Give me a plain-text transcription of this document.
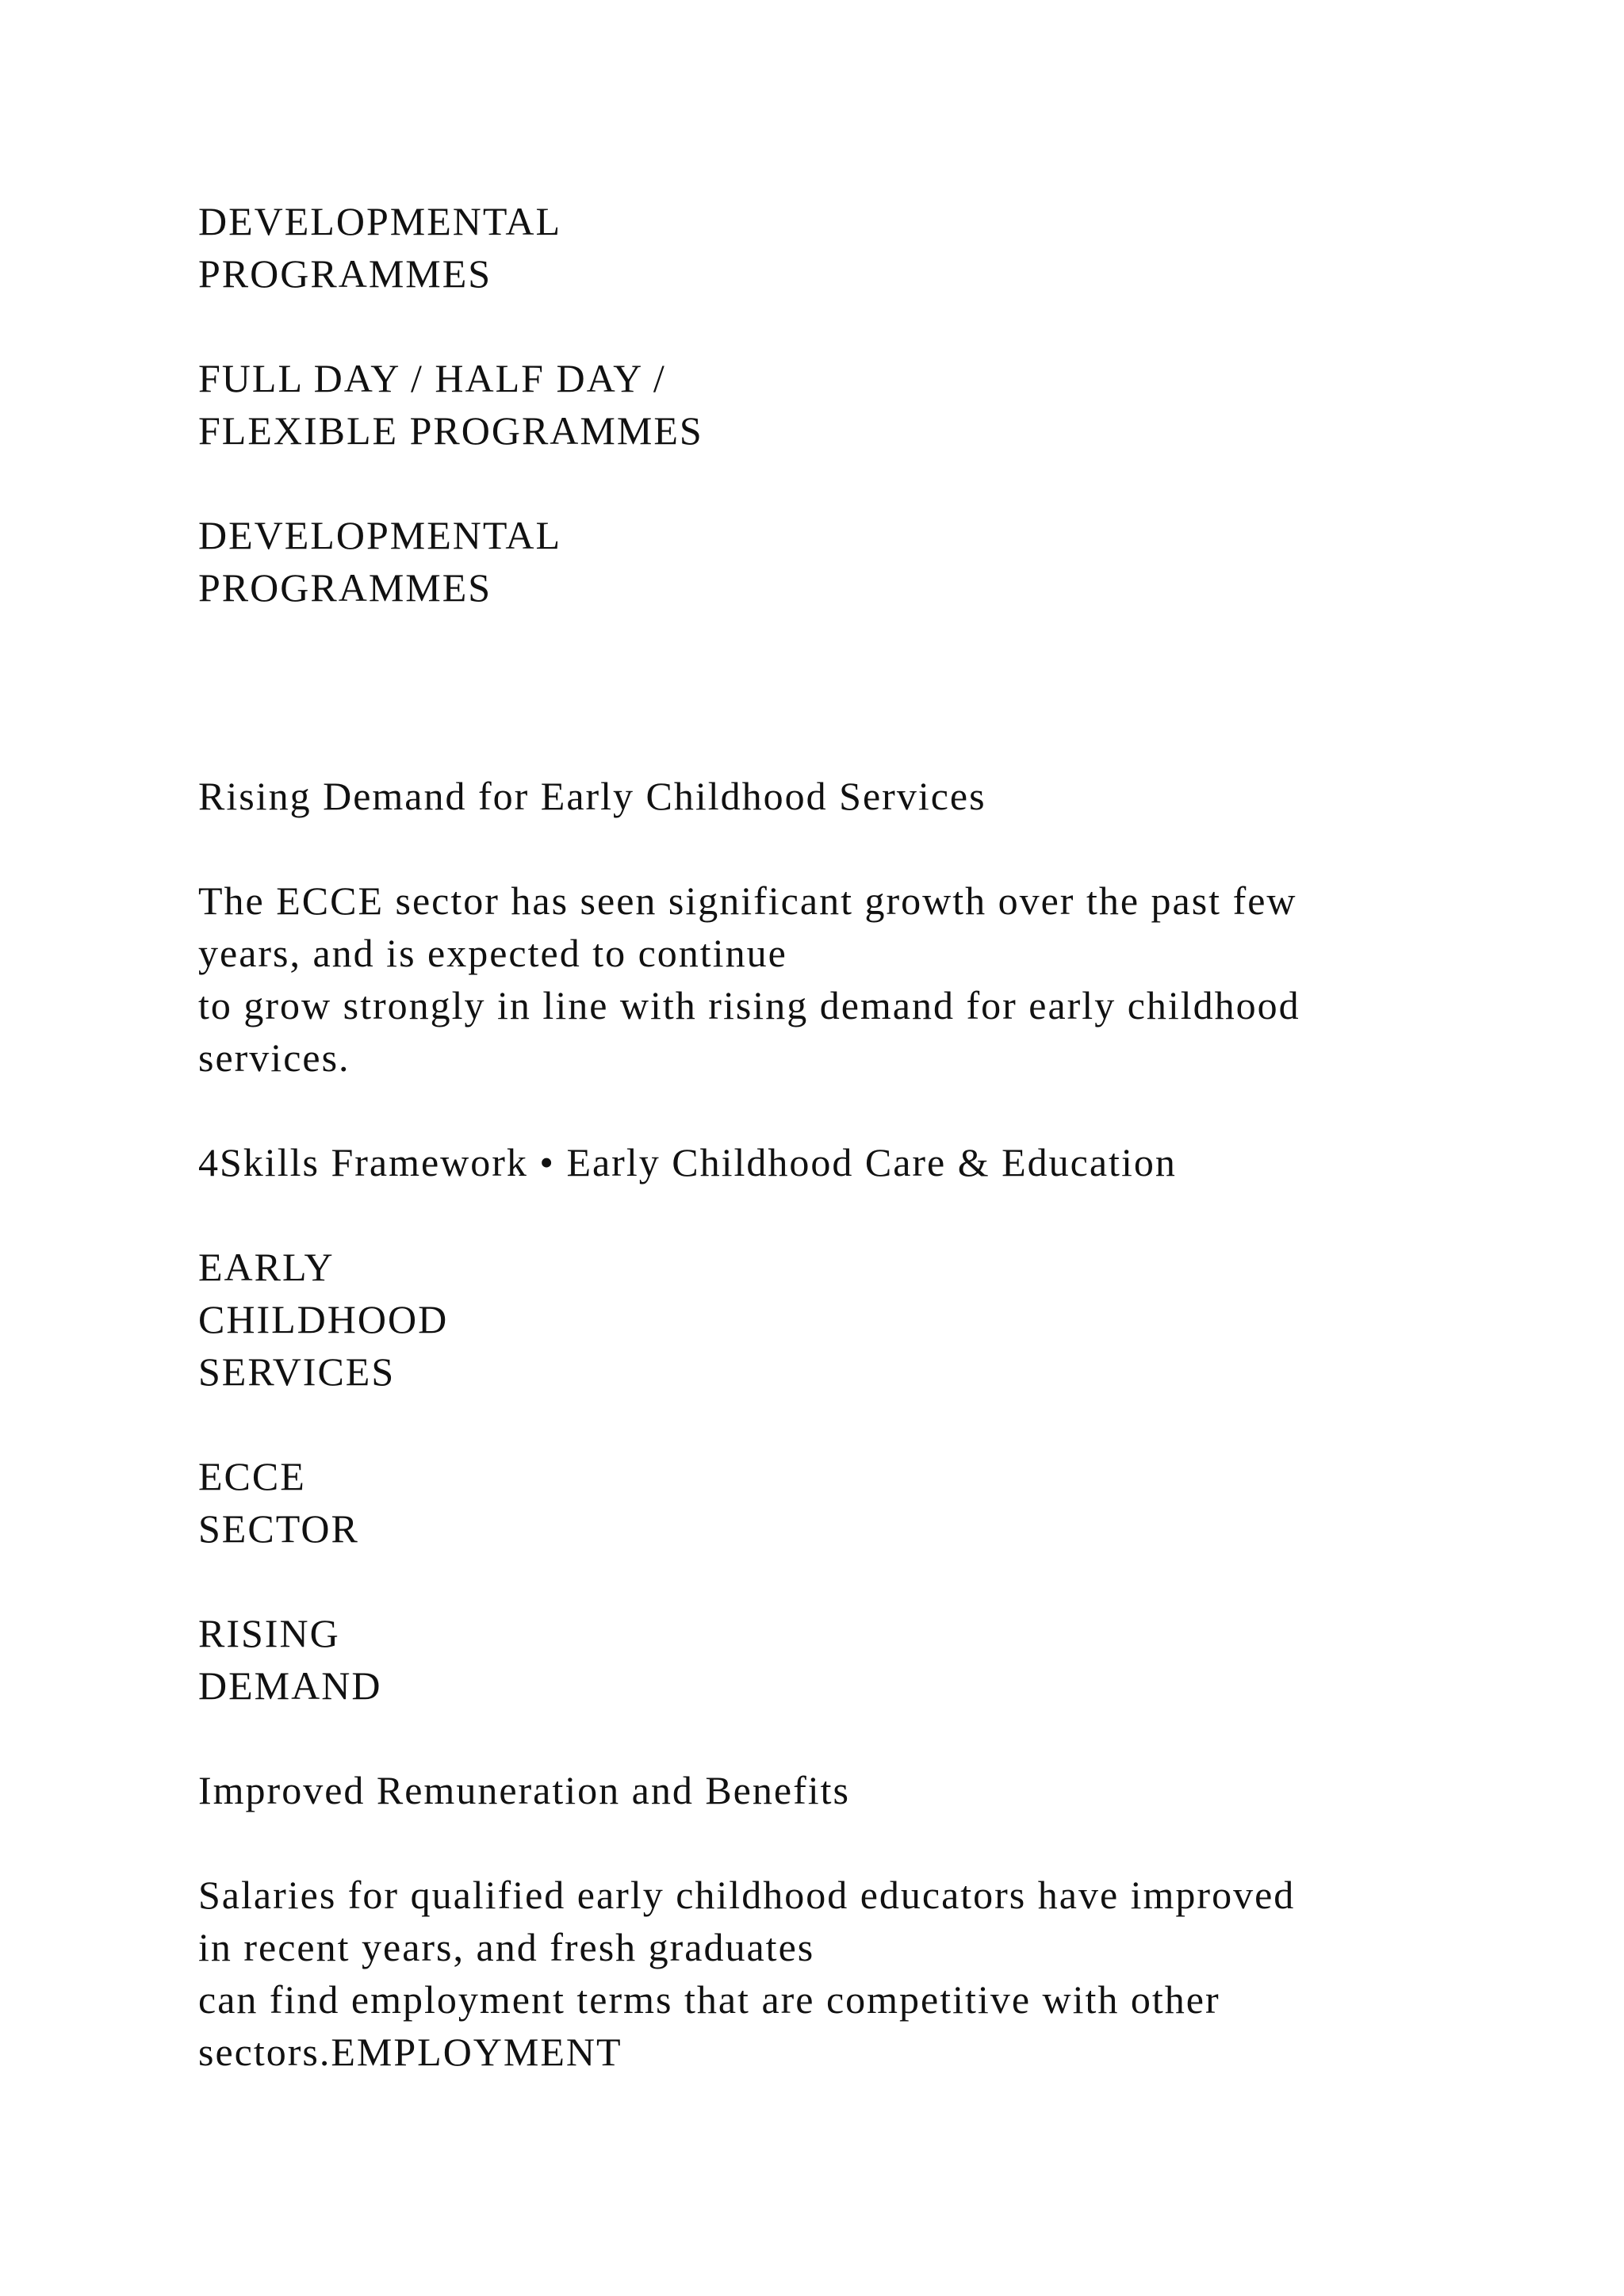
DEVELOPMENTAL
PROGRAMMES
FULL DAY / HALF DAY /
FLEXIBLE PROGRAMMES
DEVELOPMENTAL
PROGRAMMES
Rising Demand for Early Childhood Services
The ECCE sector has seen significant growth over the past few
years, and is expected to continue
to grow strongly in line with rising demand for early childhood
services.
4Skills Framework • Early Childhood Care & Education
EARLY
CHILDHOOD
SERVICES
ECCE
SECTOR
RISING
DEMAND
Improved Remuneration and Benefits
Salaries for qualified early childhood educators have improved
in recent years, and fresh graduates
can find employment terms that are competitive with other
sectors.EMPLOYMENT
